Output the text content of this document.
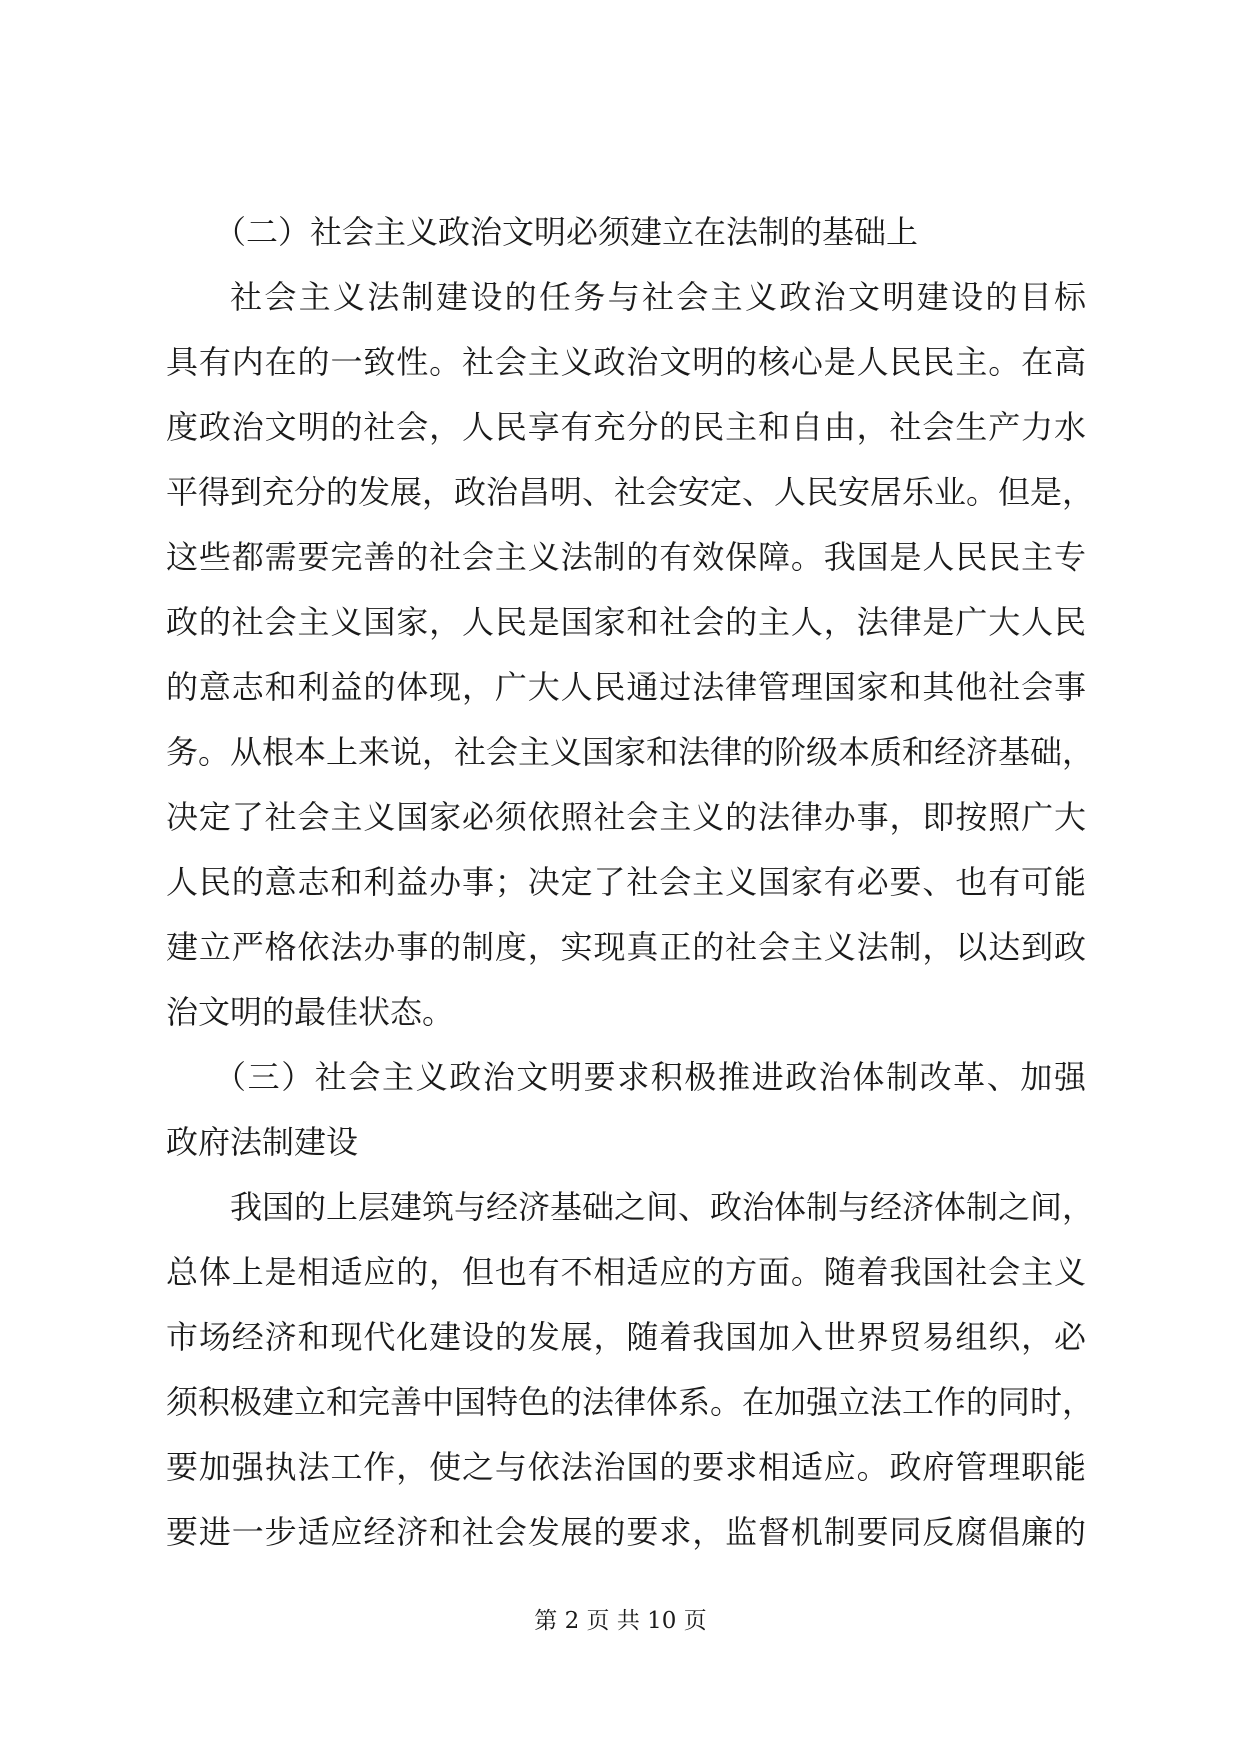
（二）社会主义政治文明必须建立在法制的基础上
社会主义法制建设的任务与社会主义政治文明建设的目标
具有内在的一致性。社会主义政治文明的核心是人民民主。在高
度政治文明的社会，人民享有充分的民主和自由，社会生产力水
平得到充分的发展，政治昌明、社会安定、人民安居乐业。但是，
这些都需要完善的社会主义法制的有效保障。我国是人民民主专
政的社会主义国家，人民是国家和社会的主人，法律是广大人民
的意志和利益的体现，广大人民通过法律管理国家和其他社会事
务。从根本上来说，社会主义国家和法律的阶级本质和经济基础，
决定了社会主义国家必须依照社会主义的法律办事，即按照广大
人民的意志和利益办事；决定了社会主义国家有必要、也有可能
建立严格依法办事的制度，实现真正的社会主义法制，以达到政
治文明的最佳状态。
（三）社会主义政治文明要求积极推进政治体制改革、加强
政府法制建设
我国的上层建筑与经济基础之间、政治体制与经济体制之间，
总体上是相适应的，但也有不相适应的方面。随着我国社会主义
市场经济和现代化建设的发展，随着我国加入世界贸易组织，必
须积极建立和完善中国特色的法律体系。在加强立法工作的同时，
要加强执法工作，使之与依法治国的要求相适应。政府管理职能
要进一步适应经济和社会发展的要求，监督机制要同反腐倡廉的
第 2 页 共 10 页
